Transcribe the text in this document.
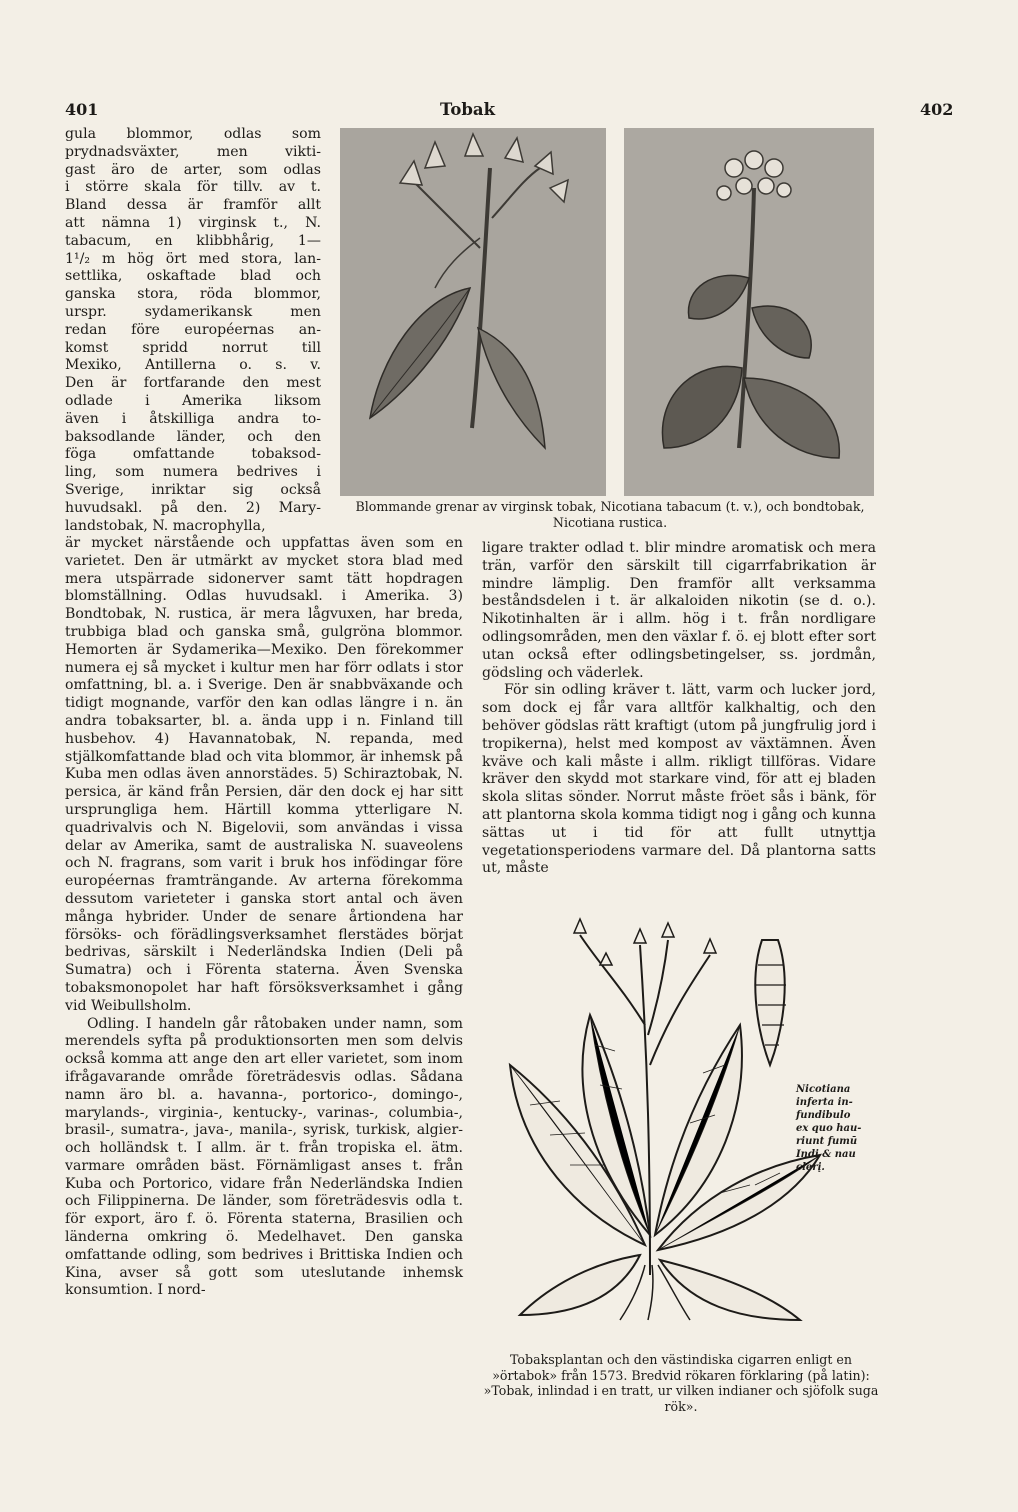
401	Tobak	402
gula blommor, odlas som
prydnadsväxter, men vikti-
gast äro de arter, som odlas
i större skala för tillv. av t.
Bland dessa är framför allt
att nämna 1) virginsk t., N.
tabacum, en klibbhårig, 1—
1¹/₂ m hög ört med stora, lan-
settlika, oskaftade blad och
ganska stora, röda blommor,
urspr. sydamerikansk men
redan före européernas an-
komst spridd norrut till
Mexiko, Antillerna o. s. v.
Den är fortfarande den mest
odlade i Amerika liksom
även i åtskilliga andra to-
baksodlande länder, och den
föga omfattande tobaksod-
ling, som numera bedrives i
Sverige, inriktar sig också
huvudsakl. på den. 2) Mary-
landstobak, N. macrophylla,
Blommande grenar av virginsk tobak, Nicotiana tabacum (t. v.), och bondtobak, Nicotiana rustica.

är mycket närstående och uppfattas även som en varietet. Den är utmärkt av mycket stora blad med mera utspärrade sidonerver samt tätt hopdragen blomställning. Odlas huvudsakl. i Amerika. 3) Bondtobak, N. rustica, är mera lågvuxen, har breda, trubbiga blad och ganska små, gulgröna blommor. Hemorten är Sydamerika—Mexiko. Den förekommer numera ej så mycket i kultur men har förr odlats i stor omfattning, bl. a. i Sverige. Den är snabbväxande och tidigt mognande, varför den kan odlas längre i n. än andra tobaksarter, bl. a. ända upp i n. Finland till husbehov. 4) Havannatobak, N. repanda, med stjälkomfattande blad och vita blommor, är inhemsk på Kuba men odlas även annorstädes. 5) Schiraztobak, N. persica, är känd från Persien, där den dock ej har sitt ursprungliga hem. Härtill komma ytterligare N. quadrivalvis och N. Bigelovii, som användas i vissa delar av Amerika, samt de australiska N. suaveolens och N. fragrans, som varit i bruk hos infödingar före européernas framträngande. Av arterna förekomma dessutom varieteter i ganska stort antal och även många hybrider. Under de senare årtiondena har försöks- och förädlingsverksamhet flerstädes börjat bedrivas, särskilt i Nederländska Indien (Deli på Sumatra) och i Förenta staterna. Även Svenska tobaksmonopolet har haft försöksverksamhet i gång vid Weibullsholm.

Odling. I handeln går råtobaken under namn, som merendels syfta på produktionsorten men som delvis också komma att ange den art eller varietet, som inom ifrågavarande område företrädesvis odlas. Sådana namn äro bl. a. havanna-, portorico-, domingo-, marylands-, virginia-, kentucky-, varinas-, columbia-, brasil-, sumatra-, java-, manila-, syrisk, turkisk, algier- och holländsk t. I allm. är t. från tropiska el. ätm. varmare områden bäst. Förnämligast anses t. från Kuba och Portorico, vidare från Nederländska Indien och Filippinerna. De länder, som företrädesvis odla t. för export, äro f. ö. Förenta staterna, Brasilien och länderna omkring ö. Medelhavet. Den ganska omfattande odling, som bedrives i Brittiska Indien och Kina, avser så gott som uteslutande inhemsk konsumtion. I nord-

ligare trakter odlad t. blir mindre aromatisk och mera trän, varför den särskilt till cigarrfabrikation är mindre lämplig. Den framför allt verksamma beståndsdelen i t. är alkaloiden nikotin (se d. o.). Nikotinhalten är i allm. hög i t. från nordligare odlingsområden, men den växlar f. ö. ej blott efter sort utan också efter odlingsbetingelser, ss. jordmån, gödsling och väderlek.

För sin odling kräver t. lätt, varm och lucker jord, som dock ej får vara alltför kalkhaltig, och den behöver gödslas rätt kraftigt (utom på jungfrulig jord i tropikerna), helst med kompost av växtämnen. Även kväve och kali måste i allm. rikligt tillföras. Vidare kräver den skydd mot starkare vind, för att ej bladen skola slitas sönder. Norrut måste fröet sås i bänk, för att plantorna skola komma tidigt nog i gång och kunna sättas ut i tid för att fullt utnyttja vegetationsperiodens varmare del. Då plantorna satts ut, måste

Nicotiana
inferta in-
fundibulo
ex quo hau-
riunt fumū
Indi & nau
clerį.
Tobaksplantan och den västindiska cigarren enligt en »örtabok» från 1573. Bredvid rökaren förklaring (på latin): »Tobak, inlindad i en tratt, ur vilken indianer och sjöfolk suga rök».
